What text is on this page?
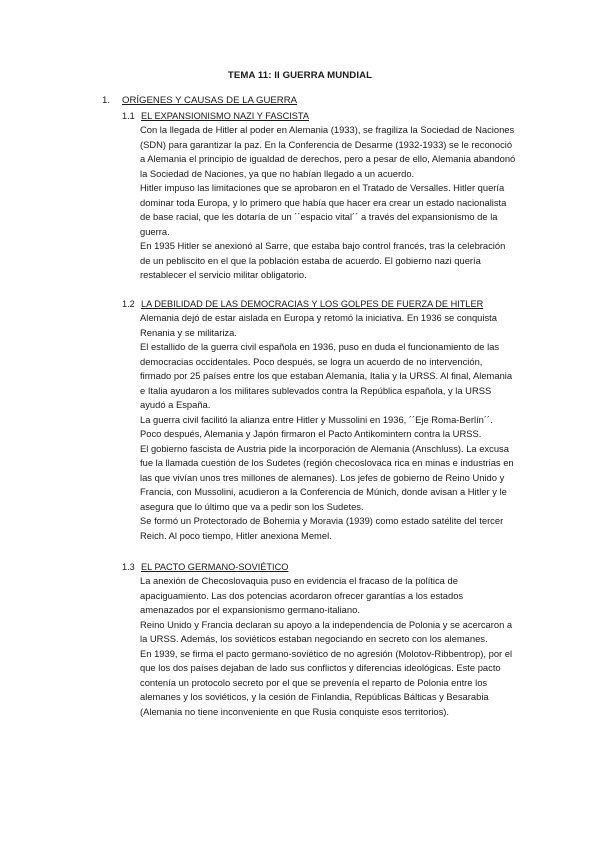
TEMA 11: II GUERRA MUNDIAL
1. ORÍGENES Y CAUSAS DE LA GUERRA
1.1 EL EXPANSIONISMO NAZI Y FASCISTA

Con la llegada de Hitler al poder en Alemania (1933), se fragiliza la Sociedad de Naciones (SDN) para garantizar la paz. En la Conferencia de Desarme (1932-1933) se le reconoció a Alemania el principio de igualdad de derechos, pero a pesar de ello, Alemania abandonó la Sociedad de Naciones, ya que no habían llegado a un acuerdo.

Hitler impuso las limitaciones que se aprobaron en el Tratado de Versalles. Hitler quería dominar toda Europa, y lo primero que había que hacer era crear un estado nacionalista de base racial, que les dotaría de un ´´espacio vital´´ a través del expansionismo de la guerra.

En 1935 Hitler se anexionó al Sarre, que estaba bajo control francés, tras la celebración de un pebliscito en el que la población estaba de acuerdo. El gobierno nazi quería restablecer el servicio militar obligatorio.

1.2 LA DEBILIDAD DE LAS DEMOCRACIAS Y LOS GOLPES DE FUERZA DE HITLER

Alemania dejó de estar aislada en Europa y retomó la iniciativa. En 1936 se conquista Renania y se militariza.

El estallido de la guerra civil española en 1936, puso en duda el funcionamiento de las democracias occidentales. Poco después, se logra un acuerdo de no intervención, firmado por 25 países entre los que estaban Alemania, Italia y la URSS. Al final, Alemania e Italia ayudaron a los militares sublevados contra la República española, y la URSS ayudó a España.

La guerra civil facilitó la alianza entre Hitler y Mussolini en 1936, ´´Eje Roma-Berlín´´. Poco después, Alemania y Japón firmaron el Pacto Antikomintern contra la URSS.

El gobierno fascista de Austria pide la incorporación de Alemania (Anschluss). La excusa fue la llamada cuestión de los Sudetes (región checoslovaca rica en minas e industrias en las que vivían unos tres millones de alemanes). Los jefes de gobierno de Reino Unido y Francia, con Mussolini, acudieron a la Conferencia de Múnich, donde avisan a Hitler y le asegura que lo último que va a pedir son los Sudetes.

Se formó un Protectorado de Bohemia y Moravia (1939) como estado satélite del tercer Reich. Al poco tiempo, Hitler anexiona Memel.

1.3 EL PACTO GERMANO-SOVIÉTICO

La anexión de Checoslovaquia puso en evidencia el fracaso de la política de apaciguamiento. Las dos potencias acordaron ofrecer garantías a los estados amenazados por el expansionismo germano-italiano.

Reino Unido y Francia declaran su apoyo a la independencia de Polonia y se acercaron a la URSS. Además, los soviéticos estaban negociando en secreto con los alemanes.

En 1939, se firma el pacto germano-soviético de no agresión (Molotov-Ribbentrop), por el que los dos países dejaban de lado sus conflictos y diferencias ideológicas. Este pacto contenía un protocolo secreto por el que se prevenía el reparto de Polonia entre los alemanes y los soviéticos, y la cesión de Finlandia, Repúblicas Bálticas y Besarabia (Alemania no tiene inconveniente en que Rusia conquiste esos territorios).
